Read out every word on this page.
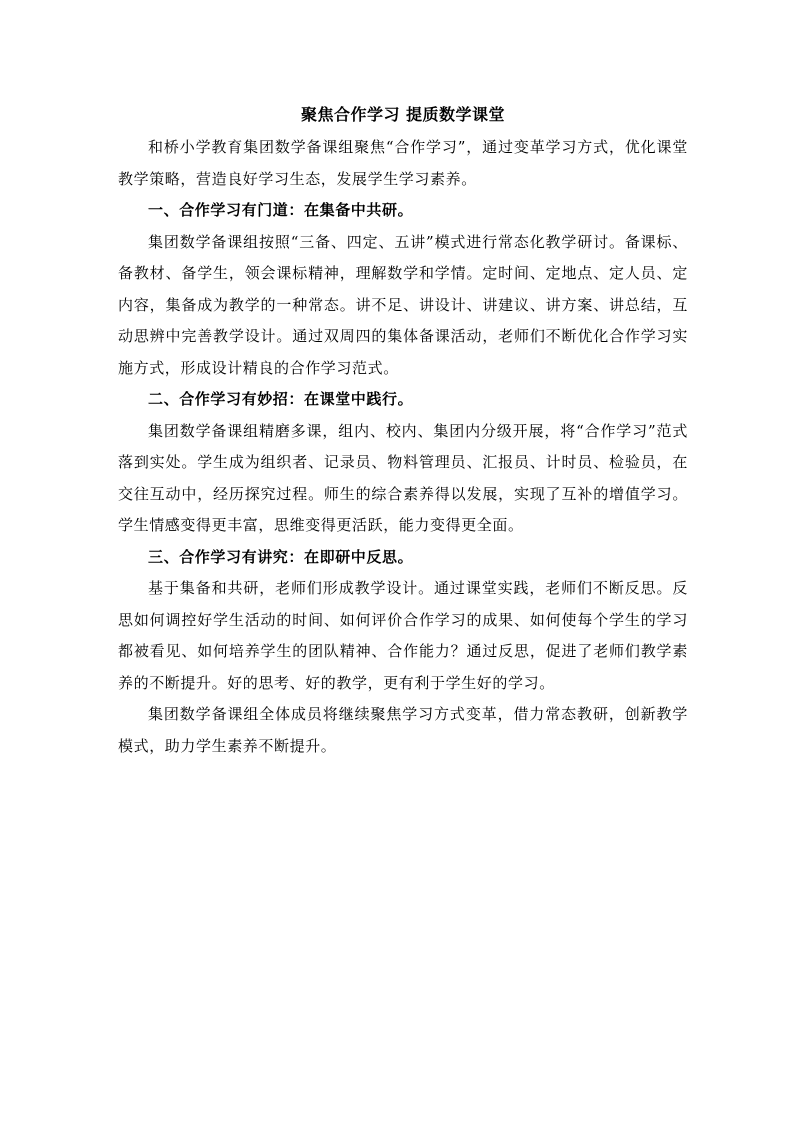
聚焦合作学习 提质数学课堂

和桥小学教育集团数学备课组聚焦“合作学习”，通过变革学习方式，优化课堂教学策略，营造良好学习生态，发展学生学习素养。

一、合作学习有门道：在集备中共研。

集团数学备课组按照“三备、四定、五讲”模式进行常态化教学研讨。备课标、备教材、备学生，领会课标精神，理解数学和学情。定时间、定地点、定人员、定内容，集备成为教学的一种常态。讲不足、讲设计、讲建议、讲方案、讲总结，互动思辨中完善教学设计。通过双周四的集体备课活动，老师们不断优化合作学习实施方式，形成设计精良的合作学习范式。

二、合作学习有妙招：在课堂中践行。

集团数学备课组精磨多课，组内、校内、集团内分级开展，将“合作学习”范式落到实处。学生成为组织者、记录员、物料管理员、汇报员、计时员、检验员，在交往互动中，经历探究过程。师生的综合素养得以发展，实现了互补的增值学习。学生情感变得更丰富，思维变得更活跃，能力变得更全面。

三、合作学习有讲究：在即研中反思。

基于集备和共研，老师们形成教学设计。通过课堂实践，老师们不断反思。反思如何调控好学生活动的时间、如何评价合作学习的成果、如何使每个学生的学习都被看见、如何培养学生的团队精神、合作能力？通过反思，促进了老师们教学素养的不断提升。好的思考、好的教学，更有利于学生好的学习。

集团数学备课组全体成员将继续聚焦学习方式变革，借力常态教研，创新教学模式，助力学生素养不断提升。
